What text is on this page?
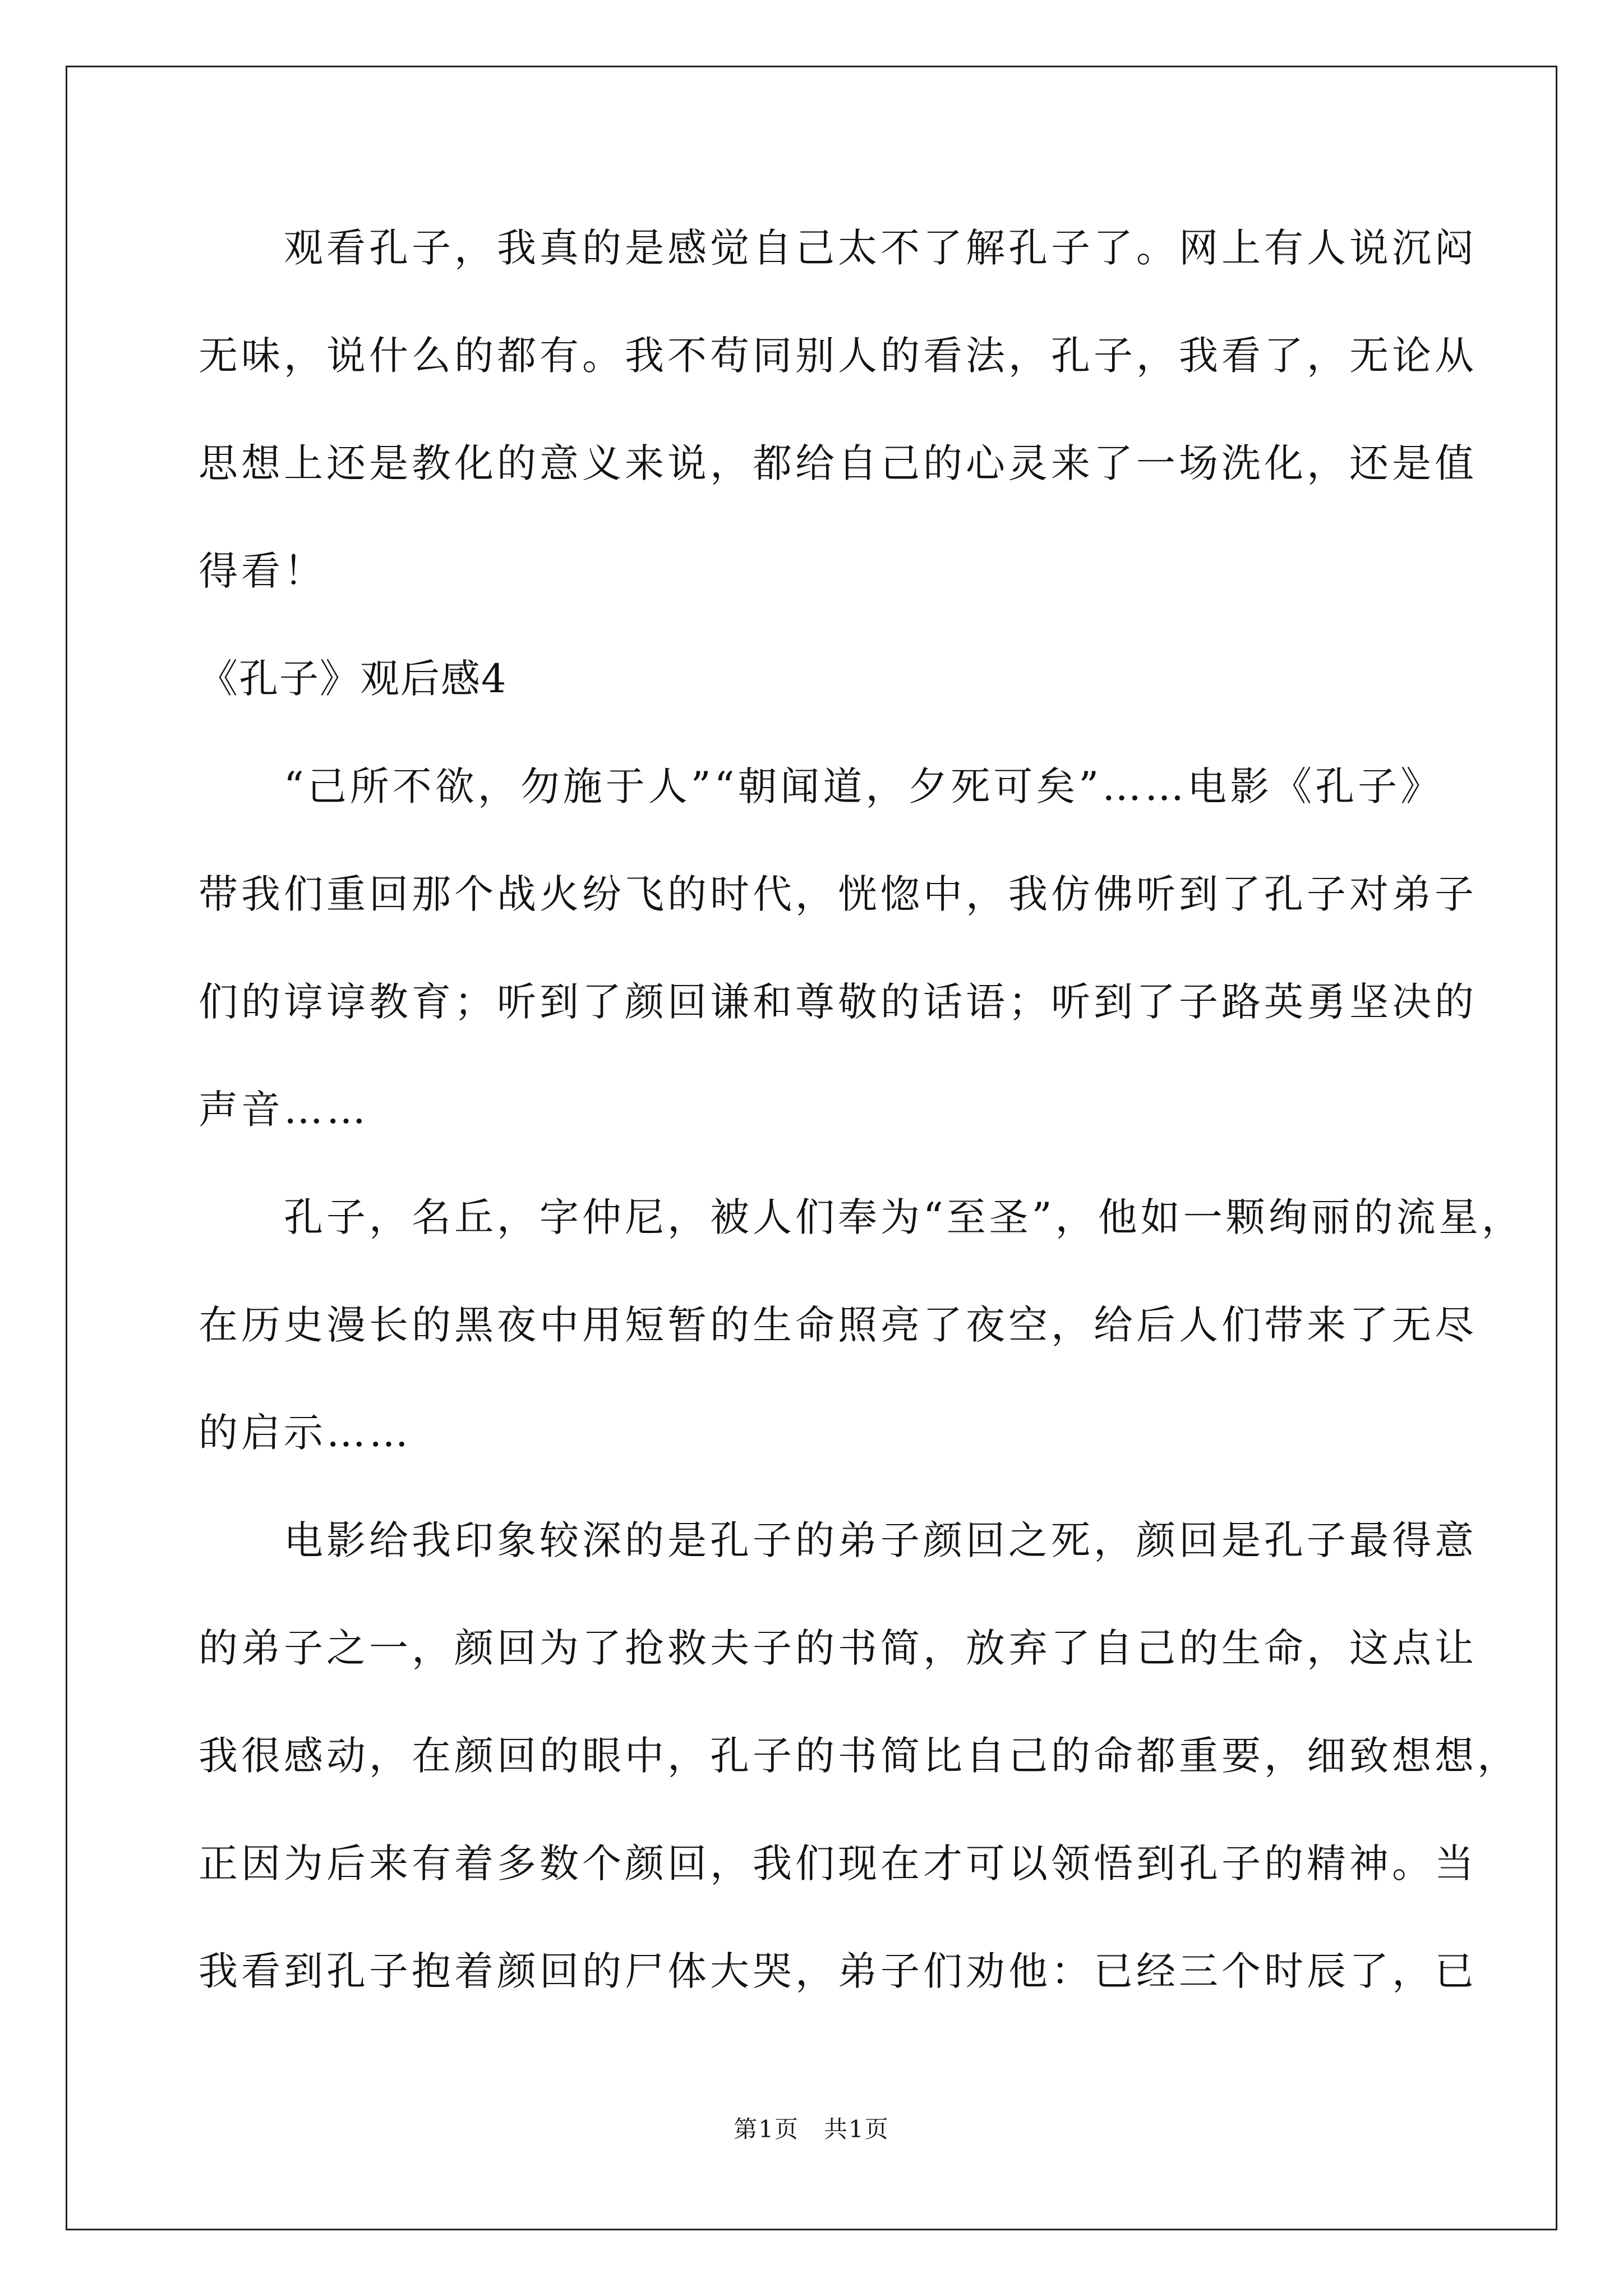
　　观看孔子，我真的是感觉自己太不了解孔子了。网上有人说沉闷
无味，说什么的都有。我不苟同别人的看法，孔子，我看了，无论从
思想上还是教化的意义来说，都给自己的心灵来了一场洗化，还是值
得看！
《孔子》观后感4
　　“己所不欲，勿施于人”“朝闻道，夕死可矣”……电影《孔子》
带我们重回那个战火纷飞的时代，恍惚中，我仿佛听到了孔子对弟子
们的谆谆教育；听到了颜回谦和尊敬的话语；听到了子路英勇坚决的
声音……
　　孔子，名丘，字仲尼，被人们奉为“至圣”，他如一颗绚丽的流星，
在历史漫长的黑夜中用短暂的生命照亮了夜空，给后人们带来了无尽
的启示……
　　电影给我印象较深的是孔子的弟子颜回之死，颜回是孔子最得意
的弟子之一，颜回为了抢救夫子的书简，放弃了自己的生命，这点让
我很感动，在颜回的眼中，孔子的书简比自己的命都重要，细致想想，
正因为后来有着多数个颜回，我们现在才可以领悟到孔子的精神。当
我看到孔子抱着颜回的尸体大哭，弟子们劝他：已经三个时辰了，已
第1页　共1页
